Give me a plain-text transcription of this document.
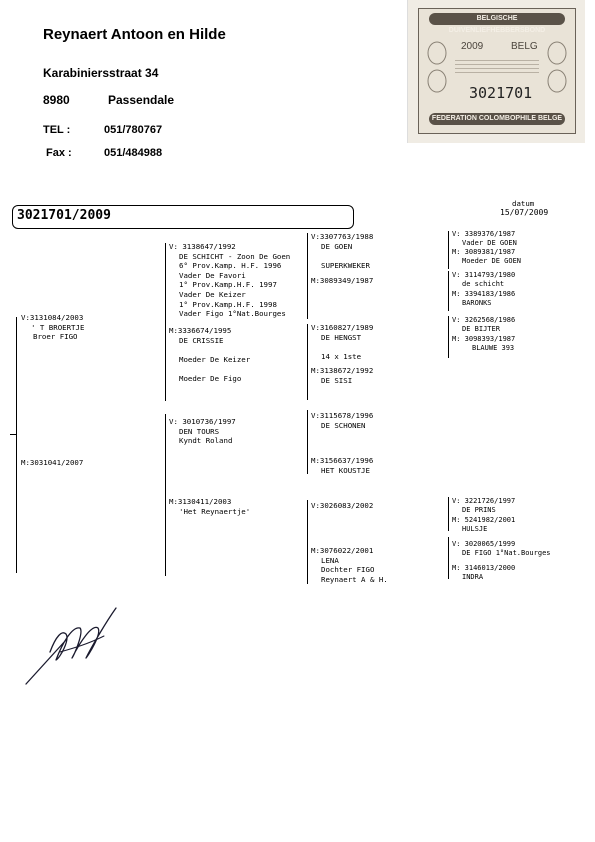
Reynaert Antoon en Hilde
Karabiniersstraat 34
8980	Passendale
TEL :	051/780767
Fax :	051/484988
BELGISCHE DUIVENLIEFHEBBERSBOND
2009	BELG
3021701
FEDERATION COLOMBOPHILE BELGE
3021701/2009
datum
15/07/2009
V:3131084/2003
' T BROERTJE
Broer FIGO
M:3031041/2007
V: 3138647/1992
DE SCHICHT - Zoon De Goen
6° Prov.Kamp. H.F. 1996
Vader De Favori
1° Prov.Kamp.H.F. 1997
Vader De Keizer
1° Prov.Kamp.H.F. 1998
Vader Figo 1°Nat.Bourges
M:3336674/1995
DE CRISSIE
Moeder De Keizer
Moeder De Figo
V: 3010736/1997
DEN TOURS
Kyndt Roland
M:3130411/2003
'Het Reynaertje'
V:3307763/1988
DE GOEN
SUPERKWEKER
M:3089349/1987
V:3160827/1989
DE HENGST
14 x 1ste
M:3138672/1992
DE SISI
V:3115678/1996
DE SCHONEN
M:3156637/1996
HET KOUSTJE
V:3026083/2002
M:3076022/2001
LENA
Dochter FIGO
Reynaert A & H.
V: 3389376/1987
Vader DE GOEN
M: 3089381/1987
Moeder DE GOEN
V: 3114793/1980
de schicht
M: 3394183/1986
BARONKS
V: 3262568/1986
DE BIJTER
M: 3098393/1987
BLAUWE 393
V: 3221726/1997
DE PRINS
M: 5241982/2001
HULSJE
V: 3020065/1999
DE FIGO 1°Nat.Bourges
M: 3146013/2000
INDRA
